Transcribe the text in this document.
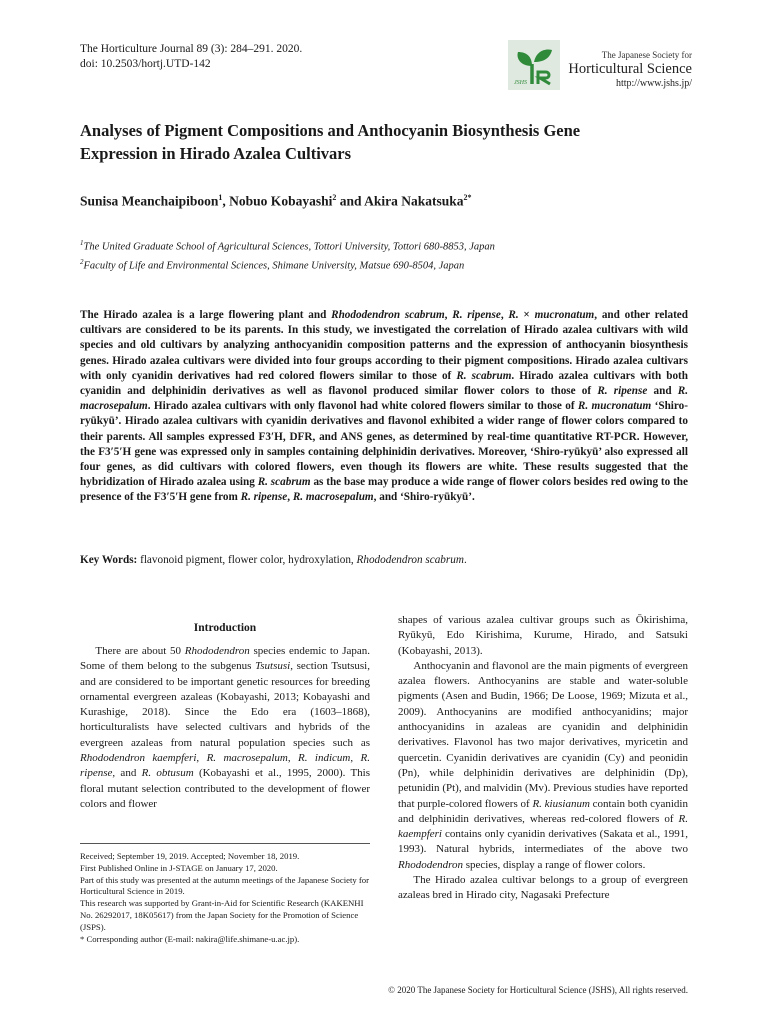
The Horticulture Journal 89 (3): 284–291. 2020.
doi: 10.2503/hortj.UTD-142
JSHS
The Japanese Society for
Horticultural Science
http://www.jshs.jp/
Analyses of Pigment Compositions and Anthocyanin Biosynthesis Gene
Expression in Hirado Azalea Cultivars
Sunisa Meanchaipiboon$^1$, Nobuo Kobayashi$^2$ and Akira Nakatsuka$^{2*}$
$^1$The United Graduate School of Agricultural Sciences, Tottori University, Tottori 680-8853, Japan
$^2$Faculty of Life and Environmental Sciences, Shimane University, Matsue 690-8504, Japan

The Hirado azalea is a large flowering plant and Rhododendron scabrum, R. ripense, R. × mucronatum, and other related cultivars are considered to be its parents. In this study, we investigated the correlation of Hirado azalea cultivars with wild species and old cultivars by analyzing anthocyanidin composition patterns and the expression of anthocyanin biosynthesis genes. Hirado azalea cultivars were divided into four groups according to their pigment compositions. Hirado azalea cultivars with only cyanidin derivatives had red colored flowers similar to those of R. scabrum. Hirado azalea cultivars with both cyanidin and delphinidin derivatives as well as flavonol produced similar flower colors to those of R. ripense and R. macrosepalum. Hirado azalea cultivars with only flavonol had white colored flowers similar to those of R. mucronatum ‘Shiro-ryūkyū’. Hirado azalea cultivars with cyanidin derivatives and flavonol exhibited a wider range of flower colors compared to their parents. All samples expressed F3′H, DFR, and ANS genes, as determined by real-time quantitative RT-PCR. However, the F3′5′H gene was expressed only in samples containing delphinidin derivatives. Moreover, ‘Shiro-ryūkyū’ also expressed all four genes, as did cultivars with colored flowers, even though its flowers are white. These results suggested that the hybridization of Hirado azalea using R. scabrum as the base may produce a wide range of flower colors besides red owing to the presence of the F3′5′H gene from R. ripense, R. macrosepalum, and ‘Shiro-ryūkyū’.

Key Words: flavonoid pigment, flower color, hydroxylation, Rhododendron scabrum.
Introduction

There are about 50 Rhododendron species endemic to Japan. Some of them belong to the subgenus Tsutsusi, section Tsutsusi, and are considered to be important genetic resources for breeding ornamental evergreen azaleas (Kobayashi, 2013; Kobayashi and Kurashige, 2018). Since the Edo era (1603–1868), horticulturalists have selected cultivars and hybrids of the evergreen azaleas from natural population species such as Rhododendron kaempferi, R. macrosepalum, R. indicum, R. ripense, and R. obtusum (Kobayashi et al., 1995, 2000). This floral mutant selection contributed to the development of flower colors and flower

shapes of various azalea cultivar groups such as Ōkirishima, Ryūkyū, Edo Kirishima, Kurume, Hirado, and Satsuki (Kobayashi, 2013).

Anthocyanin and flavonol are the main pigments of evergreen azalea flowers. Anthocyanins are stable and water-soluble pigments (Asen and Budin, 1966; De Loose, 1969; Mizuta et al., 2009). Anthocyanins are modified anthocyanidins; major anthocyanidins in azaleas are cyanidin and delphinidin derivatives. Flavonol has two major derivatives, myricetin and quercetin. Cyanidin derivatives are cyanidin (Cy) and peonidin (Pn), while delphinidin derivatives are delphinidin (Dp), petunidin (Pt), and malvidin (Mv). Previous studies have reported that purple-colored flowers of R. kiusianum contain both cyanidin and delphinidin derivatives, whereas red-colored flowers of R. kaempferi contains only cyanidin derivatives (Sakata et al., 1991, 1993). Natural hybrids, intermediates of the above two Rhododendron species, display a range of flower colors.

The Hirado azalea cultivar belongs to a group of evergreen azaleas bred in Hirado city, Nagasaki Prefecture

Received; September 19, 2019. Accepted; November 18, 2019.
First Published Online in J-STAGE on January 17, 2020.
Part of this study was presented at the autumn meetings of the Japanese Society for Horticultural Science in 2019.
This research was supported by Grant-in-Aid for Scientific Research (KAKENHI No. 26292017, 18K05617) from the Japan Society for the Promotion of Science (JSPS).
* Corresponding author (E-mail: nakira@life.shimane-u.ac.jp).
© 2020 The Japanese Society for Horticultural Science (JSHS), All rights reserved.
